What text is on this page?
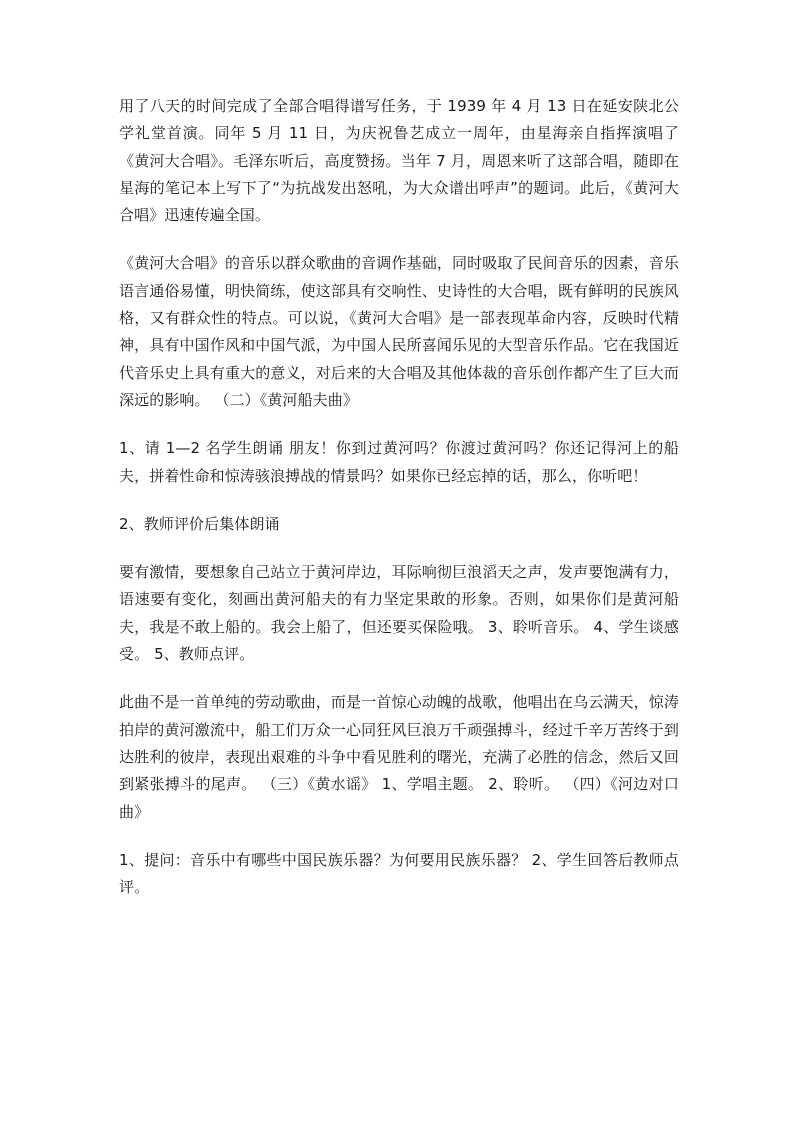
用了八天的时间完成了全部合唱得谱写任务，于 1939 年 4 月 13 日在延安陕北公学礼堂首演。同年 5 月 11 日，为庆祝鲁艺成立一周年，由星海亲自指挥演唱了《黄河大合唱》。毛泽东听后，高度赞扬。当年 7 月，周恩来听了这部合唱，随即在星海的笔记本上写下了“为抗战发出怒吼，为大众谱出呼声”的题词。此后，《黄河大合唱》迅速传遍全国。

《黄河大合唱》的音乐以群众歌曲的音调作基础，同时吸取了民间音乐的因素，音乐语言通俗易懂，明快简练，使这部具有交响性、史诗性的大合唱，既有鲜明的民族风格，又有群众性的特点。可以说，《黄河大合唱》是一部表现革命内容，反映时代精神，具有中国作风和中国气派，为中国人民所喜闻乐见的大型音乐作品。它在我国近代音乐史上具有重大的意义，对后来的大合唱及其他体裁的音乐创作都产生了巨大而深远的影响。 （二）《黄河船夫曲》

1、请 1—2 名学生朗诵 朋友！你到过黄河吗？你渡过黄河吗？你还记得河上的船夫，拼着性命和惊涛骇浪搏战的情景吗？如果你已经忘掉的话，那么，你听吧！

2、教师评价后集体朗诵

要有激情，要想象自己站立于黄河岸边，耳际响彻巨浪滔天之声，发声要饱满有力，语速要有变化，刻画出黄河船夫的有力坚定果敢的形象。否则，如果你们是黄河船夫，我是不敢上船的。我会上船了，但还要买保险哦。 3、聆听音乐。 4、学生谈感受。 5、教师点评。

此曲不是一首单纯的劳动歌曲，而是一首惊心动魄的战歌，他唱出在乌云满天，惊涛拍岸的黄河激流中，船工们万众一心同狂风巨浪万千顽强搏斗，经过千辛万苦终于到达胜利的彼岸，表现出艰难的斗争中看见胜利的曙光，充满了必胜的信念，然后又回到紧张搏斗的尾声。 （三）《黄水谣》 1、学唱主题。 2、聆听。 （四）《河边对口曲》

1、提问：音乐中有哪些中国民族乐器？为何要用民族乐器？ 2、学生回答后教师点评。
